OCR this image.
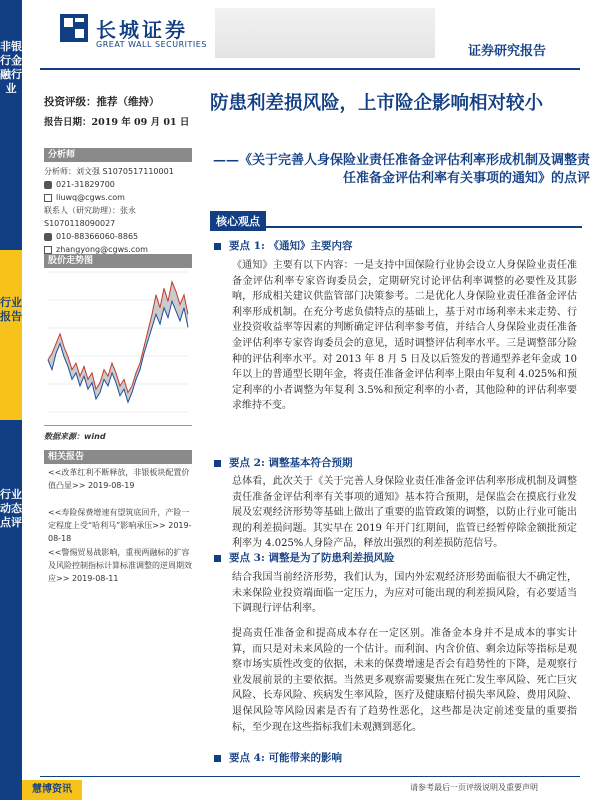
非银行金融行业
行业报告
行业动态点评
长城证券
GREAT WALL SECURITIES	证券研究报告
投资评级：推荐（维持）
报告日期：2019 年 09 月 01 日
分析师
分析师：刘文强 S1070517110001
021-31829700
liuwq@cgws.com
联系人（研究助理）：张永 S1070118090027
010-88366060-8865
zhangyong@cgws.com
股价走势图
数据来源：wind
相关报告
<<改革红利不断释放，非银板块配置价值凸显>> 2019-08-19
<<寿险保费增速有望筑底回升，产险一定程度上受“哈利马”影响承压>> 2019-08-18
<<警惕贸易战影响，重视两融标的扩容及风险控制指标计算标准调整的逆周期效应>> 2019-08-11
防患利差损风险，上市险企影响相对较小
——《关于完善人身保险业责任准备金评估利率形成机制及调整责任准备金评估利率有关事项的通知》的点评
核心观点
要点 1: 《通知》主要内容
《通知》主要有以下内容：一是支持中国保险行业协会设立人身保险业责任准备金评估利率专家咨询委员会，定期研究讨论评估利率调整的必要性及其影响，形成相关建议供监管部门决策参考。二是优化人身保险业责任准备金评估利率形成机制。在充分考虑负债特点的基础上，基于对市场利率未来走势、行业投资收益率等因素的判断确定评估利率参考值，并结合人身保险业责任准备金评估利率专家咨询委员会的意见，适时调整评估利率水平。三是调整部分险种的评估利率水平。对 2013 年 8 月 5 日及以后签发的普通型养老年金或 10 年以上的普通型长期年金，将责任准备金评估利率上限由年复利 4.025%和预定利率的小者调整为年复利 3.5%和预定利率的小者，其他险种的评估利率要求维持不变。
要点 2: 调整基本符合预期
总体看，此次关于《关于完善人身保险业责任准备金评估利率形成机制及调整责任准备金评估利率有关事项的通知》基本符合预期，是保监会在摸底行业发展及宏观经济形势等基础上做出了重要的监管政策的调整，以防止行业可能出现的利差损问题。其实早在 2019 年开门红期间，监管已经暂停除金额批预定利率为 4.025%人身险产品，释放出强烈的利差损防范信号。
要点 3: 调整是为了防患利差损风险
结合我国当前经济形势，我们认为，国内外宏观经济形势面临很大不确定性，未来保险业投资端面临一定压力，为应对可能出现的利差损风险，有必要适当下调现行评估利率。
提高责任准备金和提高成本存在一定区别。准备金本身并不是成本的事实计算，而只是对未来风险的一个估计。而利润、内含价值、剩余边际等指标是观察市场实质性改变的依据，未来的保费增速是否会有趋势性的下降，是观察行业发展前景的主要依据。当然更多观察需要聚焦在死亡发生率风险、死亡巨灾风险、长寿风险、疾病发生率风险，医疗及健康赔付损失率风险、费用风险、退保风险等风险因素是否有了趋势性恶化，这些都是决定前述变量的重要指标，至少现在这些指标我们未观测到恶化。
要点 4: 可能带来的影响
慧博资讯	请参考最后一页评级说明及重要声明
